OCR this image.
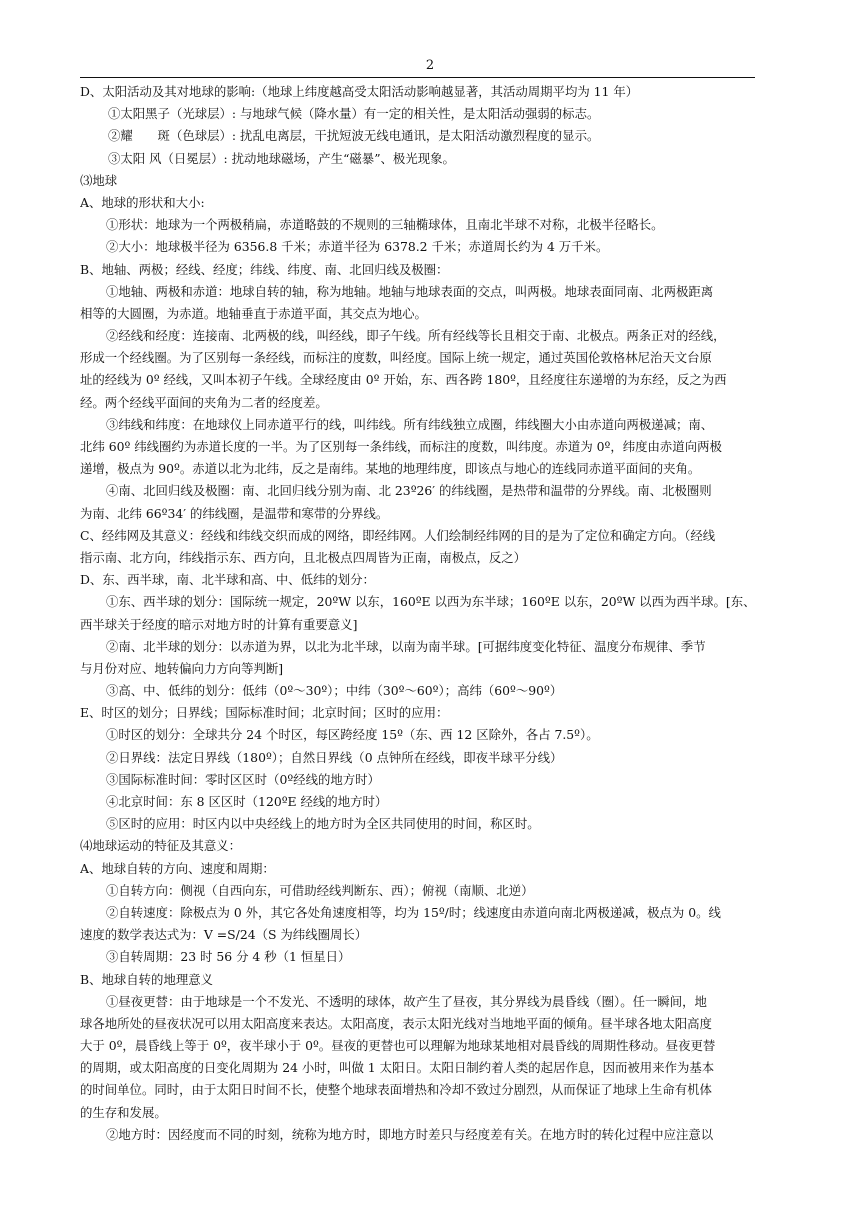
2
D、太阳活动及其对地球的影响:（地球上纬度越高受太阳活动影响越显著，其活动周期平均为 11 年）
①太阳黑子（光球层）: 与地球气候（降水量）有一定的相关性，是太阳活动强弱的标志。
②耀　　斑（色球层）: 扰乱电离层，干扰短波无线电通讯，是太阳活动激烈程度的显示。
③太阳 风（日冕层）: 扰动地球磁场，产生“磁暴”、极光现象。
⑶地球
A、地球的形状和大小:
①形状：地球为一个两极稍扁，赤道略鼓的不规则的三轴椭球体，且南北半球不对称，北极半径略长。
②大小：地球极半径为 6356.8 千米；赤道半径为 6378.2 千米；赤道周长约为 4 万千米。
B、地轴、两极；经线、经度；纬线、纬度、南、北回归线及极圈：
①地轴、两极和赤道：地球自转的轴，称为地轴。地轴与地球表面的交点，叫两极。地球表面同南、北两极距离
相等的大圆圈，为赤道。地轴垂直于赤道平面，其交点为地心。
②经线和经度：连接南、北两极的线，叫经线，即子午线。所有经线等长且相交于南、北极点。两条正对的经线，
形成一个经线圈。为了区别每一条经线，而标注的度数，叫经度。国际上统一规定，通过英国伦敦格林尼治天文台原
址的经线为 0º 经线，又叫本初子午线。全球经度由 0º 开始，东、西各跨 180º，且经度往东递增的为东经，反之为西
经。两个经线平面间的夹角为二者的经度差。
③纬线和纬度：在地球仪上同赤道平行的线，叫纬线。所有纬线独立成圈，纬线圈大小由赤道向两极递减；南、
北纬 60º 纬线圈约为赤道长度的一半。为了区别每一条纬线，而标注的度数，叫纬度。赤道为 0º，纬度由赤道向两极
递增，极点为 90º。赤道以北为北纬，反之是南纬。某地的地理纬度，即该点与地心的连线同赤道平面间的夹角。
④南、北回归线及极圈：南、北回归线分别为南、北 23º26′ 的纬线圈，是热带和温带的分界线。南、北极圈则
为南、北纬 66º34′ 的纬线圈，是温带和寒带的分界线。
C、经纬网及其意义：经线和纬线交织而成的网络，即经纬网。人们绘制经纬网的目的是为了定位和确定方向。（经线
指示南、北方向，纬线指示东、西方向，且北极点四周皆为正南，南极点，反之）
D、东、西半球，南、北半球和高、中、低纬的划分：
①东、西半球的划分：国际统一规定，20ºW 以东，160ºE 以西为东半球；160ºE 以东，20ºW 以西为西半球。[东、
西半球关于经度的暗示对地方时的计算有重要意义]
②南、北半球的划分：以赤道为界，以北为北半球，以南为南半球。[可据纬度变化特征、温度分布规律、季节
与月份对应、地转偏向力方向等判断]
③高、中、低纬的划分：低纬（0º～30º）；中纬（30º～60º）；高纬（60º～90º）
E、时区的划分；日界线；国际标准时间；北京时间；区时的应用：
①时区的划分：全球共分 24 个时区，每区跨经度 15º（东、西 12 区除外，各占 7.5º）。
②日界线：法定日界线（180º）；自然日界线（0 点钟所在经线，即夜半球平分线）
③国际标准时间：零时区区时（0º经线的地方时）
④北京时间：东 8 区区时（120ºE 经线的地方时）
⑤区时的应用：时区内以中央经线上的地方时为全区共同使用的时间，称区时。
⑷地球运动的特征及其意义：
A、地球自转的方向、速度和周期：
①自转方向：侧视（自西向东，可借助经线判断东、西）；俯视（南顺、北逆）
②自转速度：除极点为 0 外，其它各处角速度相等，均为 15º/时；线速度由赤道向南北两极递减，极点为 0。线
速度的数学表达式为：V =S/24（S 为纬线圈周长）
③自转周期：23 时 56 分 4 秒（1 恒星日）
B、地球自转的地理意义
①昼夜更替：由于地球是一个不发光、不透明的球体，故产生了昼夜，其分界线为晨昏线（圈）。任一瞬间，地
球各地所处的昼夜状况可以用太阳高度来表达。太阳高度，表示太阳光线对当地地平面的倾角。昼半球各地太阳高度
大于 0º，晨昏线上等于 0º，夜半球小于 0º。昼夜的更替也可以理解为地球某地相对晨昏线的周期性移动。昼夜更替
的周期，或太阳高度的日变化周期为 24 小时，叫做 1 太阳日。太阳日制约着人类的起居作息，因而被用来作为基本
的时间单位。同时，由于太阳日时间不长，使整个地球表面增热和冷却不致过分剧烈，从而保证了地球上生命有机体
的生存和发展。
②地方时：因经度而不同的时刻，统称为地方时，即地方时差只与经度差有关。在地方时的转化过程中应注意以
